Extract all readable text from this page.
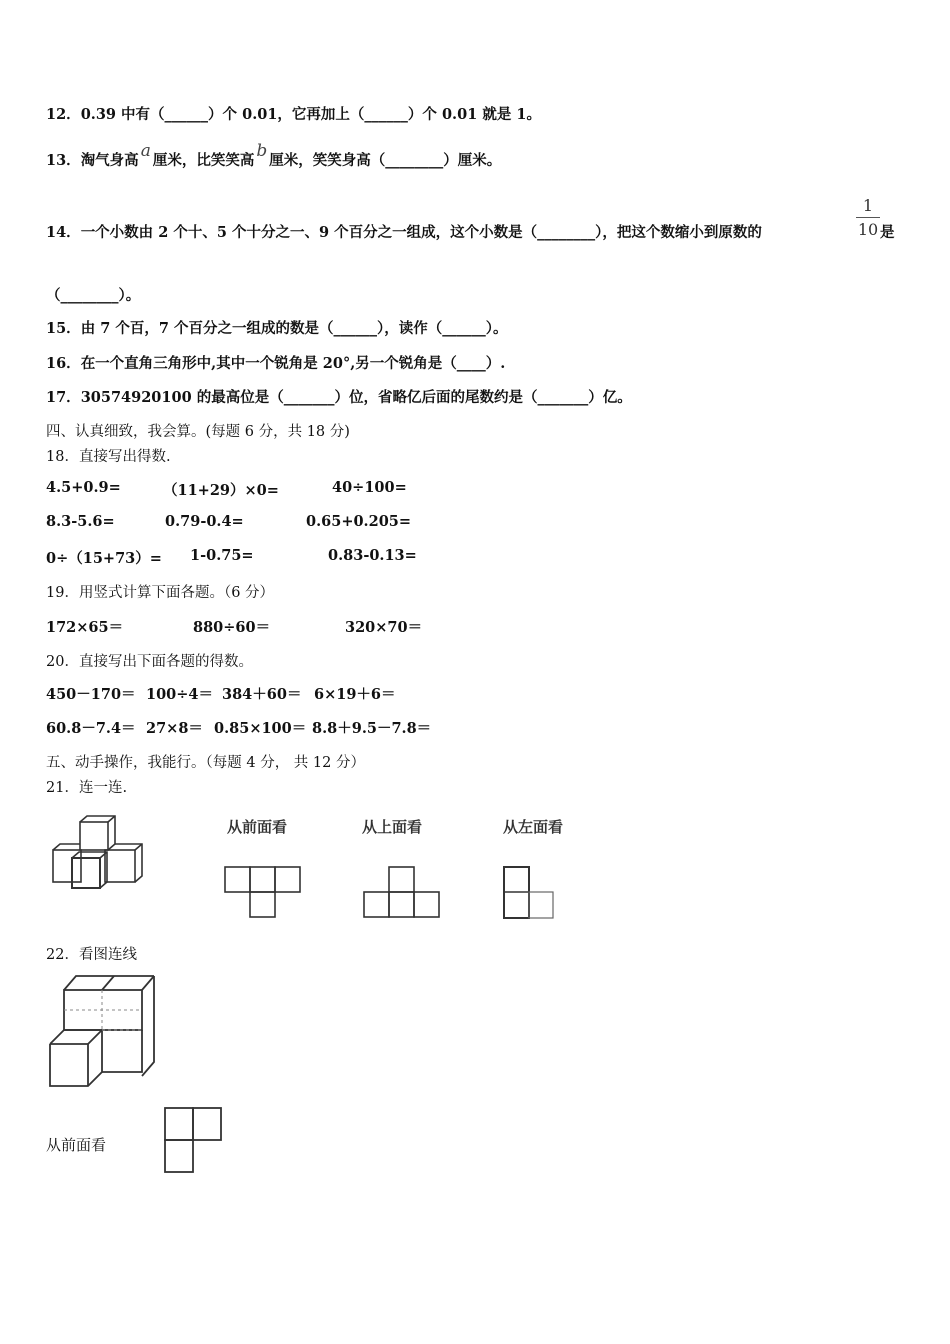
12．0.39 中有（______）个 0.01，它再加上（______）个 0.01 就是 1。
13．淘气身高 a 厘米，比笑笑高 b 厘米，笑笑身高（________）厘米。
14．一个小数由 2 个十、5 个十分之一、9 个百分之一组成，这个小数是（________），把这个数缩小到原数的
1
10 是
（________）。
15．由 7 个百，7 个百分之一组成的数是（______），读作（______）。
16．在一个直角三角形中,其中一个锐角是 20°,另一个锐角是（____）.
17．30574920100 的最高位是（_______）位，省略亿后面的尾数约是（_______）亿。
四、认真细致，我会算。(每题 6 分，共 18 分)
18．直接写出得数.
4.5+0.9=	（11+29）×0=	40÷100=
8.3-5.6=	0.79-0.4=	0.65+0.205=
0÷（15+73）= 1-0.75=	0.83-0.13=
19．用竖式计算下面各题。（6 分）
172×65＝	880÷60＝	320×70＝
20．直接写出下面各题的得数。
450－170＝ 100÷4＝ 384＋60＝ 6×19＋6＝
60.8－7.4＝ 27×8＝ 0.85×100＝ 8.8＋9.5－7.8＝
五、动手操作，我能行。（每题 4 分， 共 12 分）
21．连一连.
从前面看	从上面看	从左面看
22．看图连线
从前面看
